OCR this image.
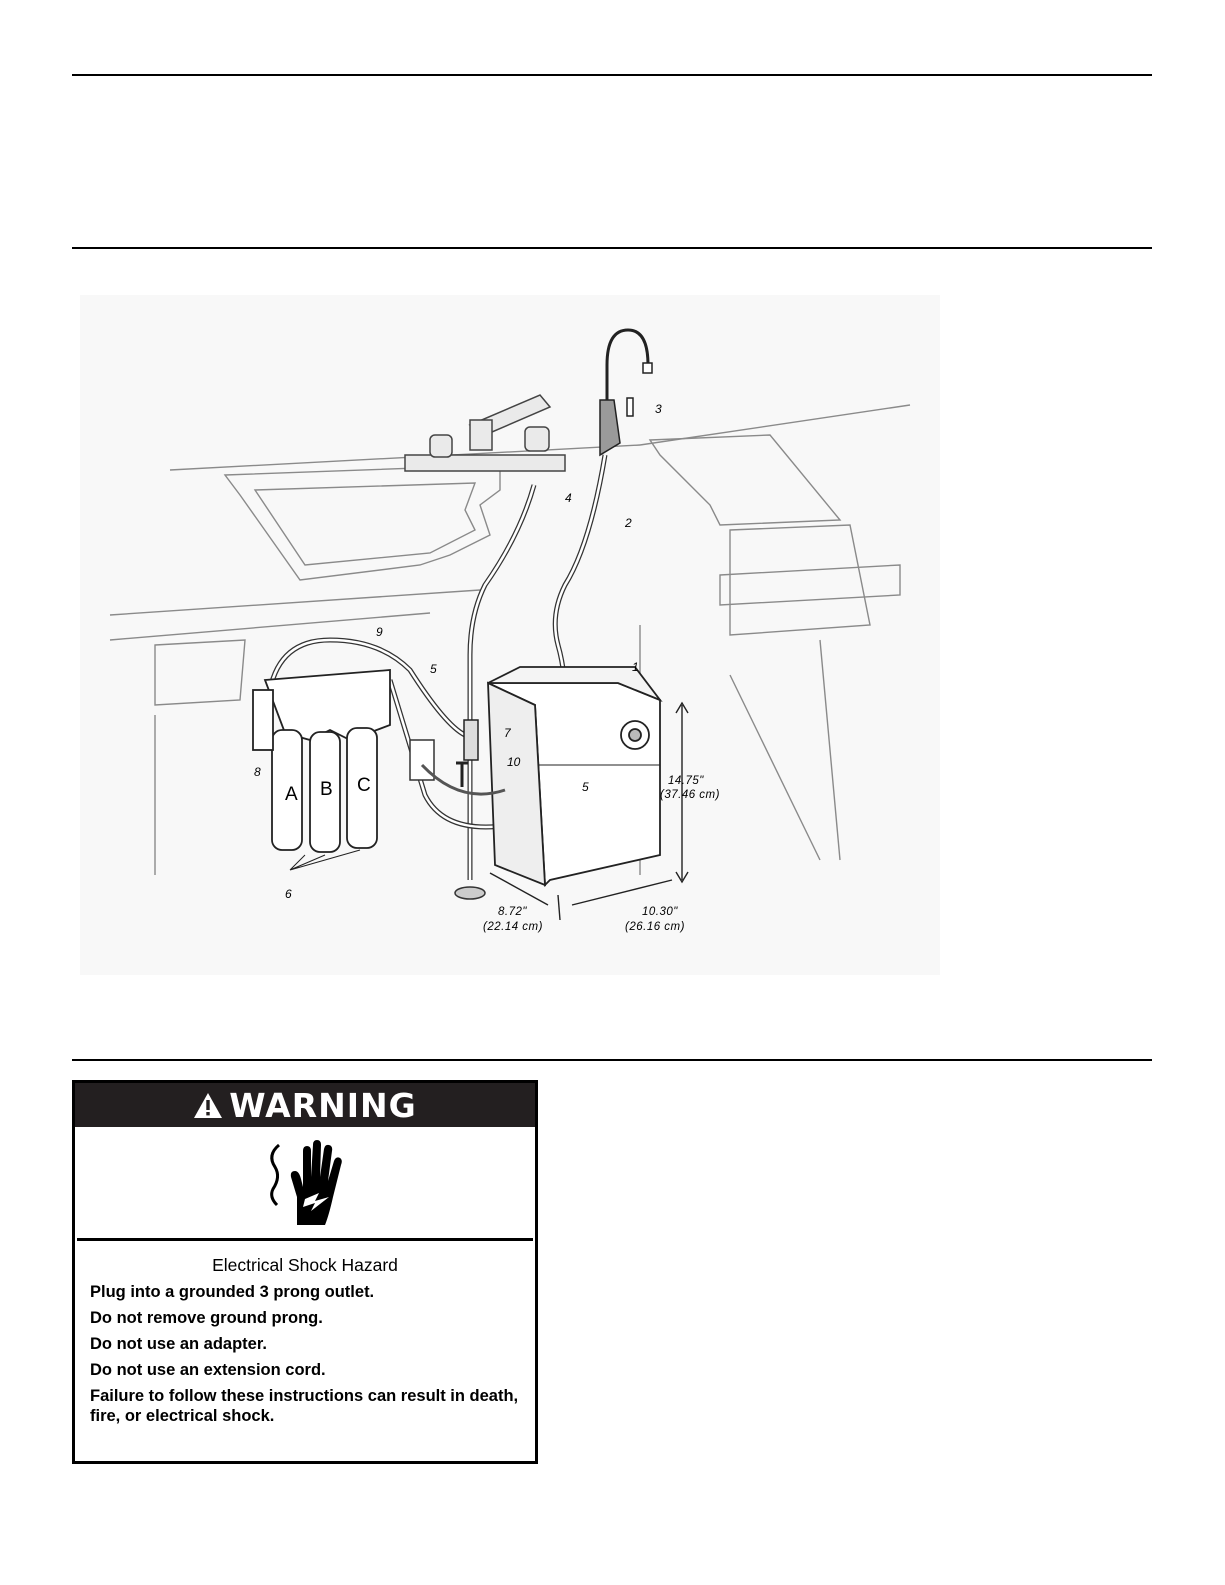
1
2
3
4
5
5
6
7
8
9
10
A B C	14.75"
(37.46 cm)
8.72"
(22.14 cm)
10.30"
(26.16 cm)
WARNING
Electrical Shock Hazard

Plug into a grounded 3 prong outlet.

Do not remove ground prong.

Do not use an adapter.

Do not use an extension cord.

Failure to follow these instructions can result in death, fire, or electrical shock.
